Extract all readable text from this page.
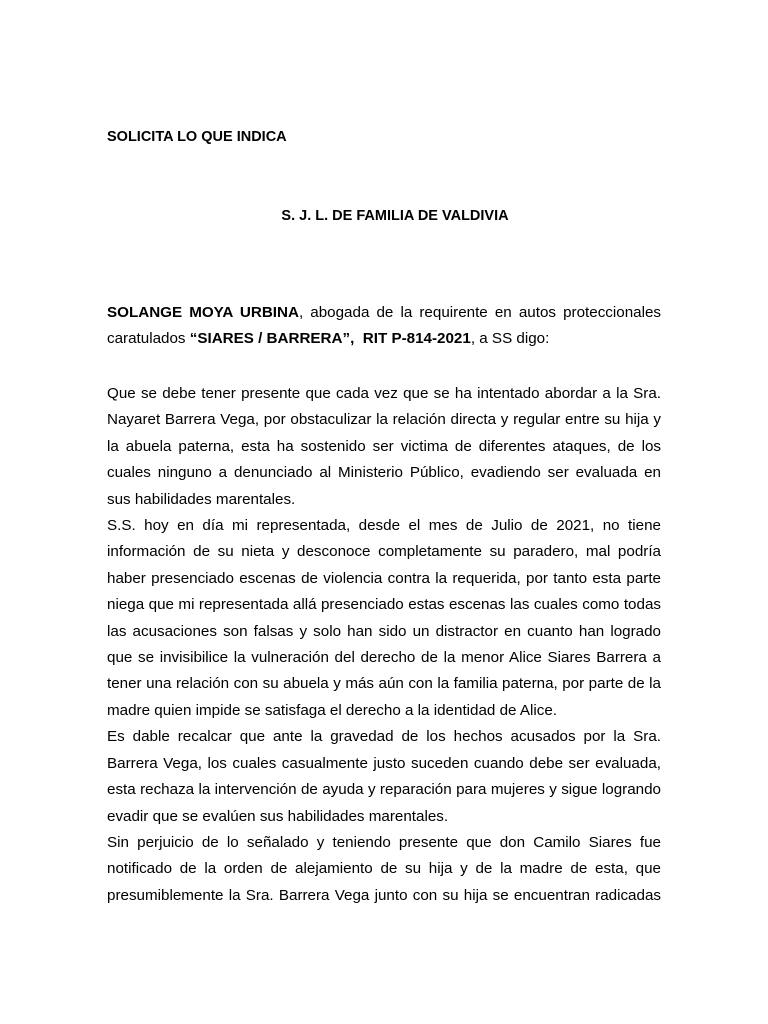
SOLICITA LO QUE INDICA
S. J. L. DE FAMILIA DE VALDIVIA
SOLANGE MOYA URBINA, abogada de la requirente en autos proteccionales caratulados “SIARES / BARRERA”, RIT P-814-2021, a SS digo:

Que se debe tener presente que cada vez que se ha intentado abordar a la Sra. Nayaret Barrera Vega, por obstaculizar la relación directa y regular entre su hija y la abuela paterna, esta ha sostenido ser victima de diferentes ataques, de los cuales ninguno a denunciado al Ministerio Público, evadiendo ser evaluada en sus habilidades marentales.

S.S. hoy en día mi representada, desde el mes de Julio de 2021, no tiene información de su nieta y desconoce completamente su paradero, mal podría haber presenciado escenas de violencia contra la requerida, por tanto esta parte niega que mi representada allá presenciado estas escenas las cuales como todas las acusaciones son falsas y solo han sido un distractor en cuanto han logrado que se invisibilice la vulneración del derecho de la menor Alice Siares Barrera a tener una relación con su abuela y más aún con la familia paterna, por parte de la madre quien impide se satisfaga el derecho a la identidad de Alice.

Es dable recalcar que ante la gravedad de los hechos acusados por la Sra. Barrera Vega, los cuales casualmente justo suceden cuando debe ser evaluada, esta rechaza la intervención de ayuda y reparación para mujeres y sigue logrando evadir que se evalúen sus habilidades marentales.

Sin perjuicio de lo señalado y teniendo presente que don Camilo Siares fue notificado de la orden de alejamiento de su hija y de la madre de esta, que presumiblemente la Sra. Barrera Vega junto con su hija se encuentran radicadas
